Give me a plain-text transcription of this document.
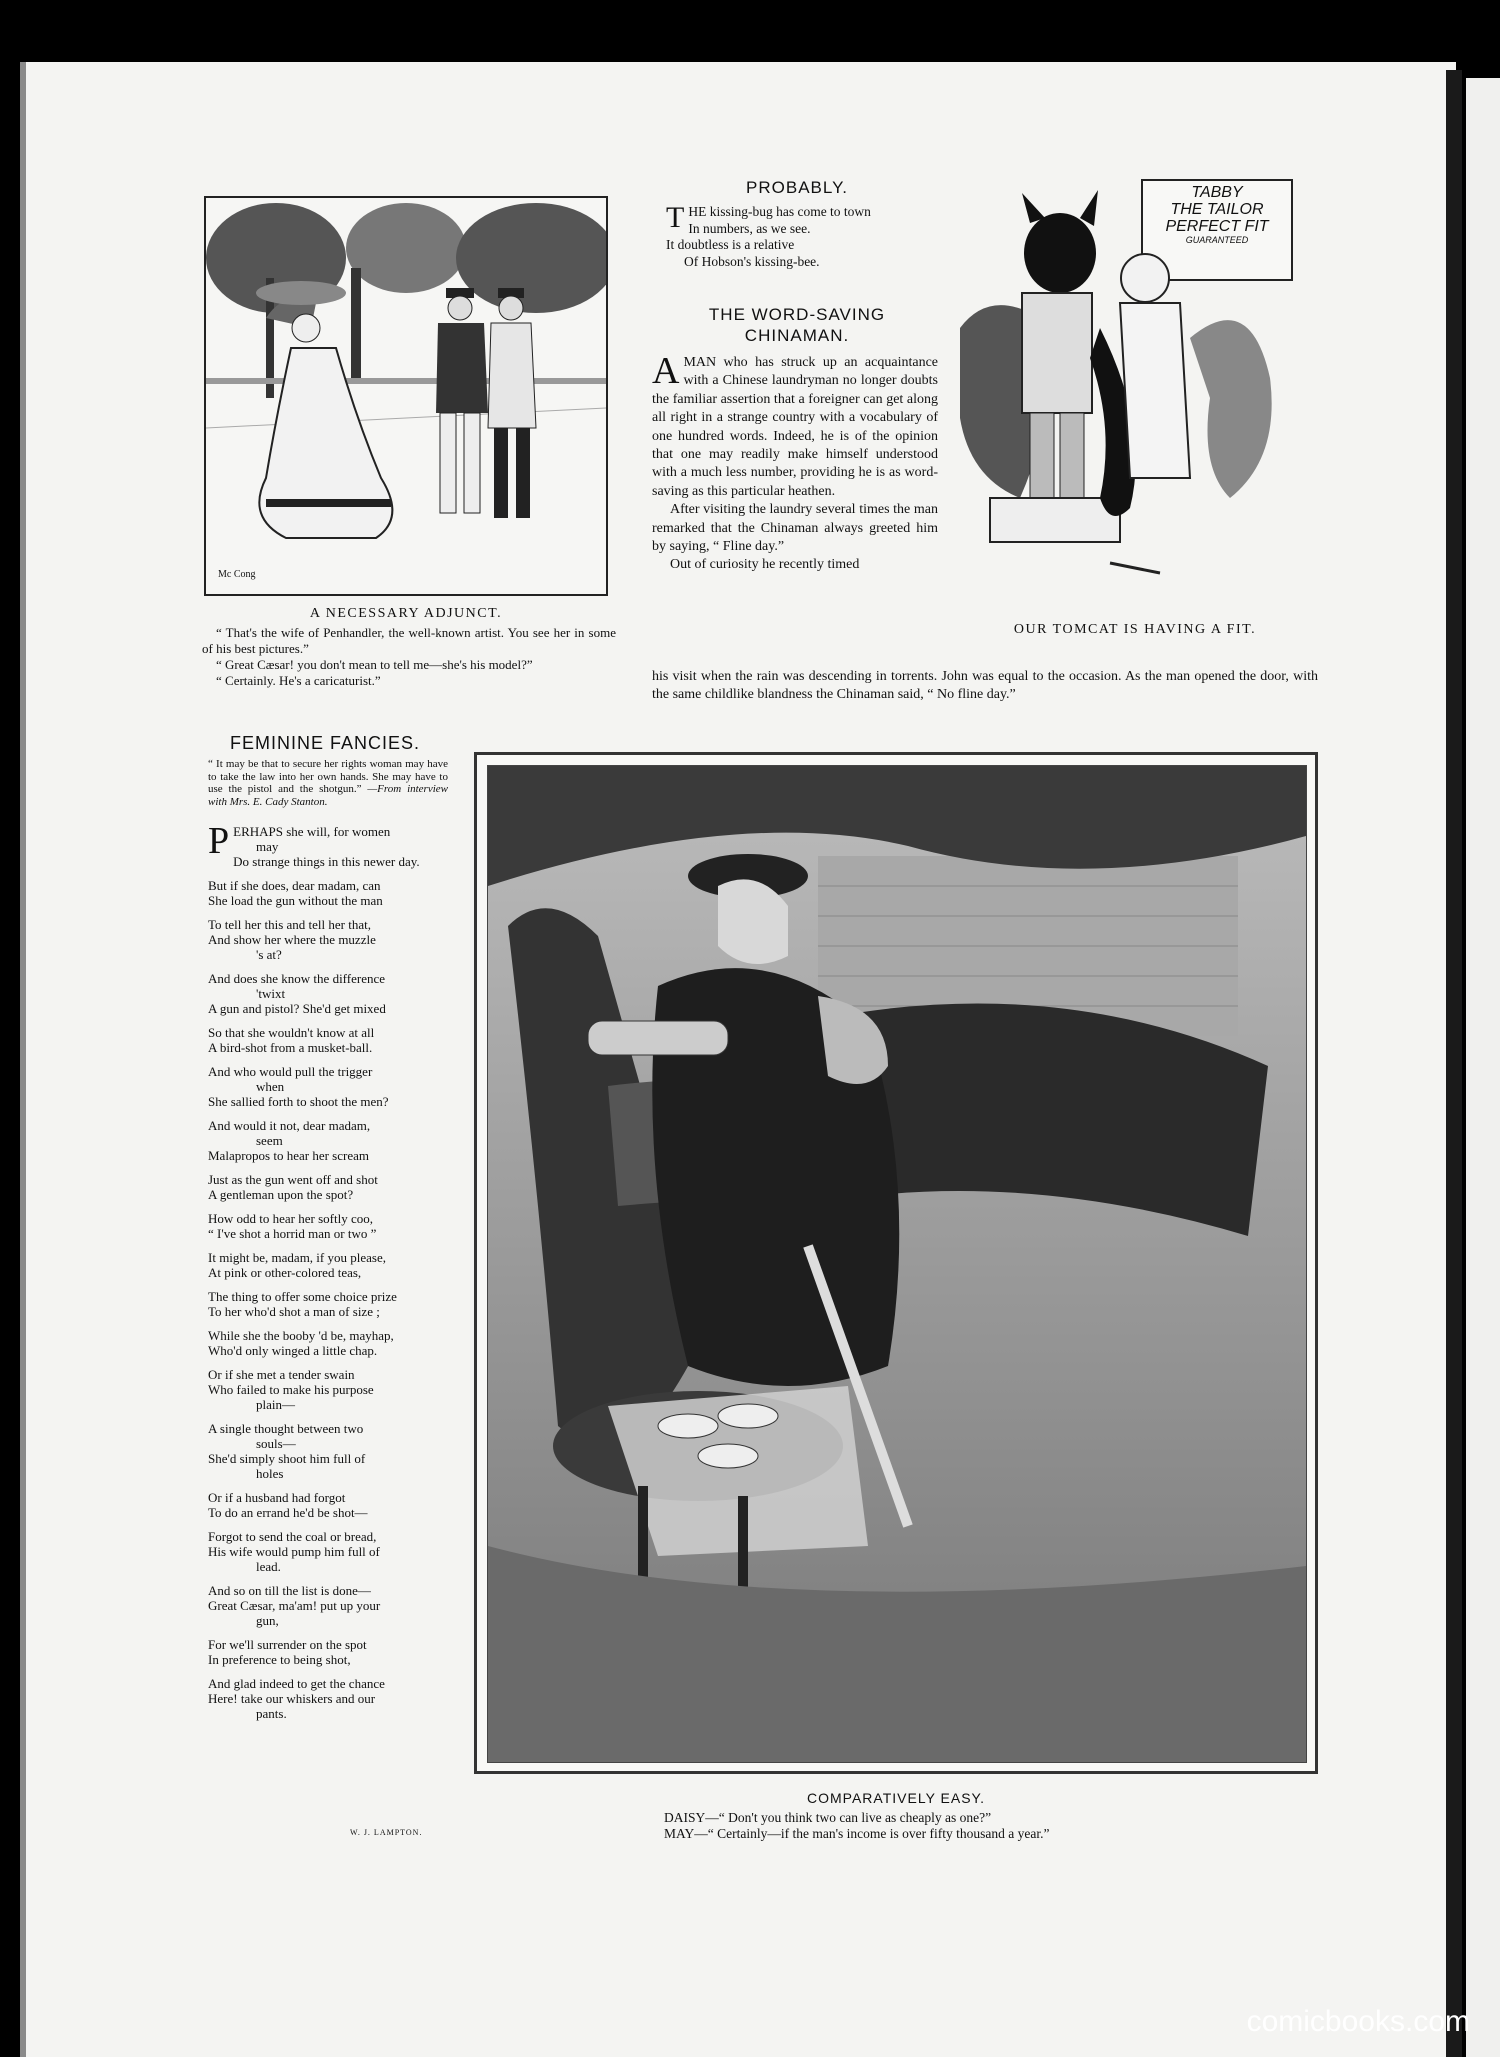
Mc Cong
A NECESSARY ADJUNCT.
“ That's the wife of Penhandler, the well-known artist. You see her in some of his best pictures.”
“ Great Cæsar! you don't mean to tell me—she's his model?”
“ Certainly. He's a caricaturist.”
PROBABLY.
T HE kissing-bug has come to town
In numbers, as we see.
It doubtless is a relative
Of Hobson's kissing-bee.
THE WORD-SAVING
CHINAMAN.
A MAN who has struck up an acquaintance with a Chinese laundryman no longer doubts the familiar assertion that a foreigner can get along all right in a strange country with a vocabulary of one hundred words. Indeed, he is of the opinion that one may readily make himself understood with a much less number, providing he is as word-saving as this particular heathen.
After visiting the laundry several times the man remarked that the Chinaman always greeted him by saying, “ Fline day.”
Out of curiosity he recently timed
his visit when the rain was descending in torrents. John was equal to the occasion. As the man opened the door, with the same childlike blandness the Chinaman said, “ No fline day.”
TABBY
THE TAILOR
PERFECT FIT
GUARANTEED
OUR TOMCAT IS HAVING A FIT.
FEMININE FANCIES.
“ It may be that to secure her rights woman may have to take the law into her own hands. She may have to use the pistol and the shotgun.” —From interview with Mrs. E. Cady Stanton.

P ERHAPS she will, for women
may
Do strange things in this newer day.

But if she does, dear madam, can
She load the gun without the man

To tell her this and tell her that,
And show her where the muzzle
's at?

And does she know the difference
'twixt
A gun and pistol? She'd get mixed

So that she wouldn't know at all
A bird-shot from a musket-ball.

And who would pull the trigger
when
She sallied forth to shoot the men?

And would it not, dear madam,
seem
Malapropos to hear her scream

Just as the gun went off and shot
A gentleman upon the spot?

How odd to hear her softly coo,
“ I've shot a horrid man or two ”

It might be, madam, if you please,
At pink or other-colored teas,

The thing to offer some choice prize
To her who'd shot a man of size ;

While she the booby 'd be, mayhap,
Who'd only winged a little chap.

Or if she met a tender swain
Who failed to make his purpose
plain—

A single thought between two
souls—
She'd simply shoot him full of
holes

Or if a husband had forgot
To do an errand he'd be shot—

Forgot to send the coal or bread,
His wife would pump him full of
lead.

And so on till the list is done—
Great Cæsar, ma'am! put up your
gun,

For we'll surrender on the spot
In preference to being shot,

And glad indeed to get the chance
Here! take our whiskers and our
pants.

W. J. LAMPTON.
COMPARATIVELY EASY.
DAISY—“ Don't you think two can live as cheaply as one?”
MAY—“ Certainly—if the man's income is over fifty thousand a year.”
comicbooks.com
